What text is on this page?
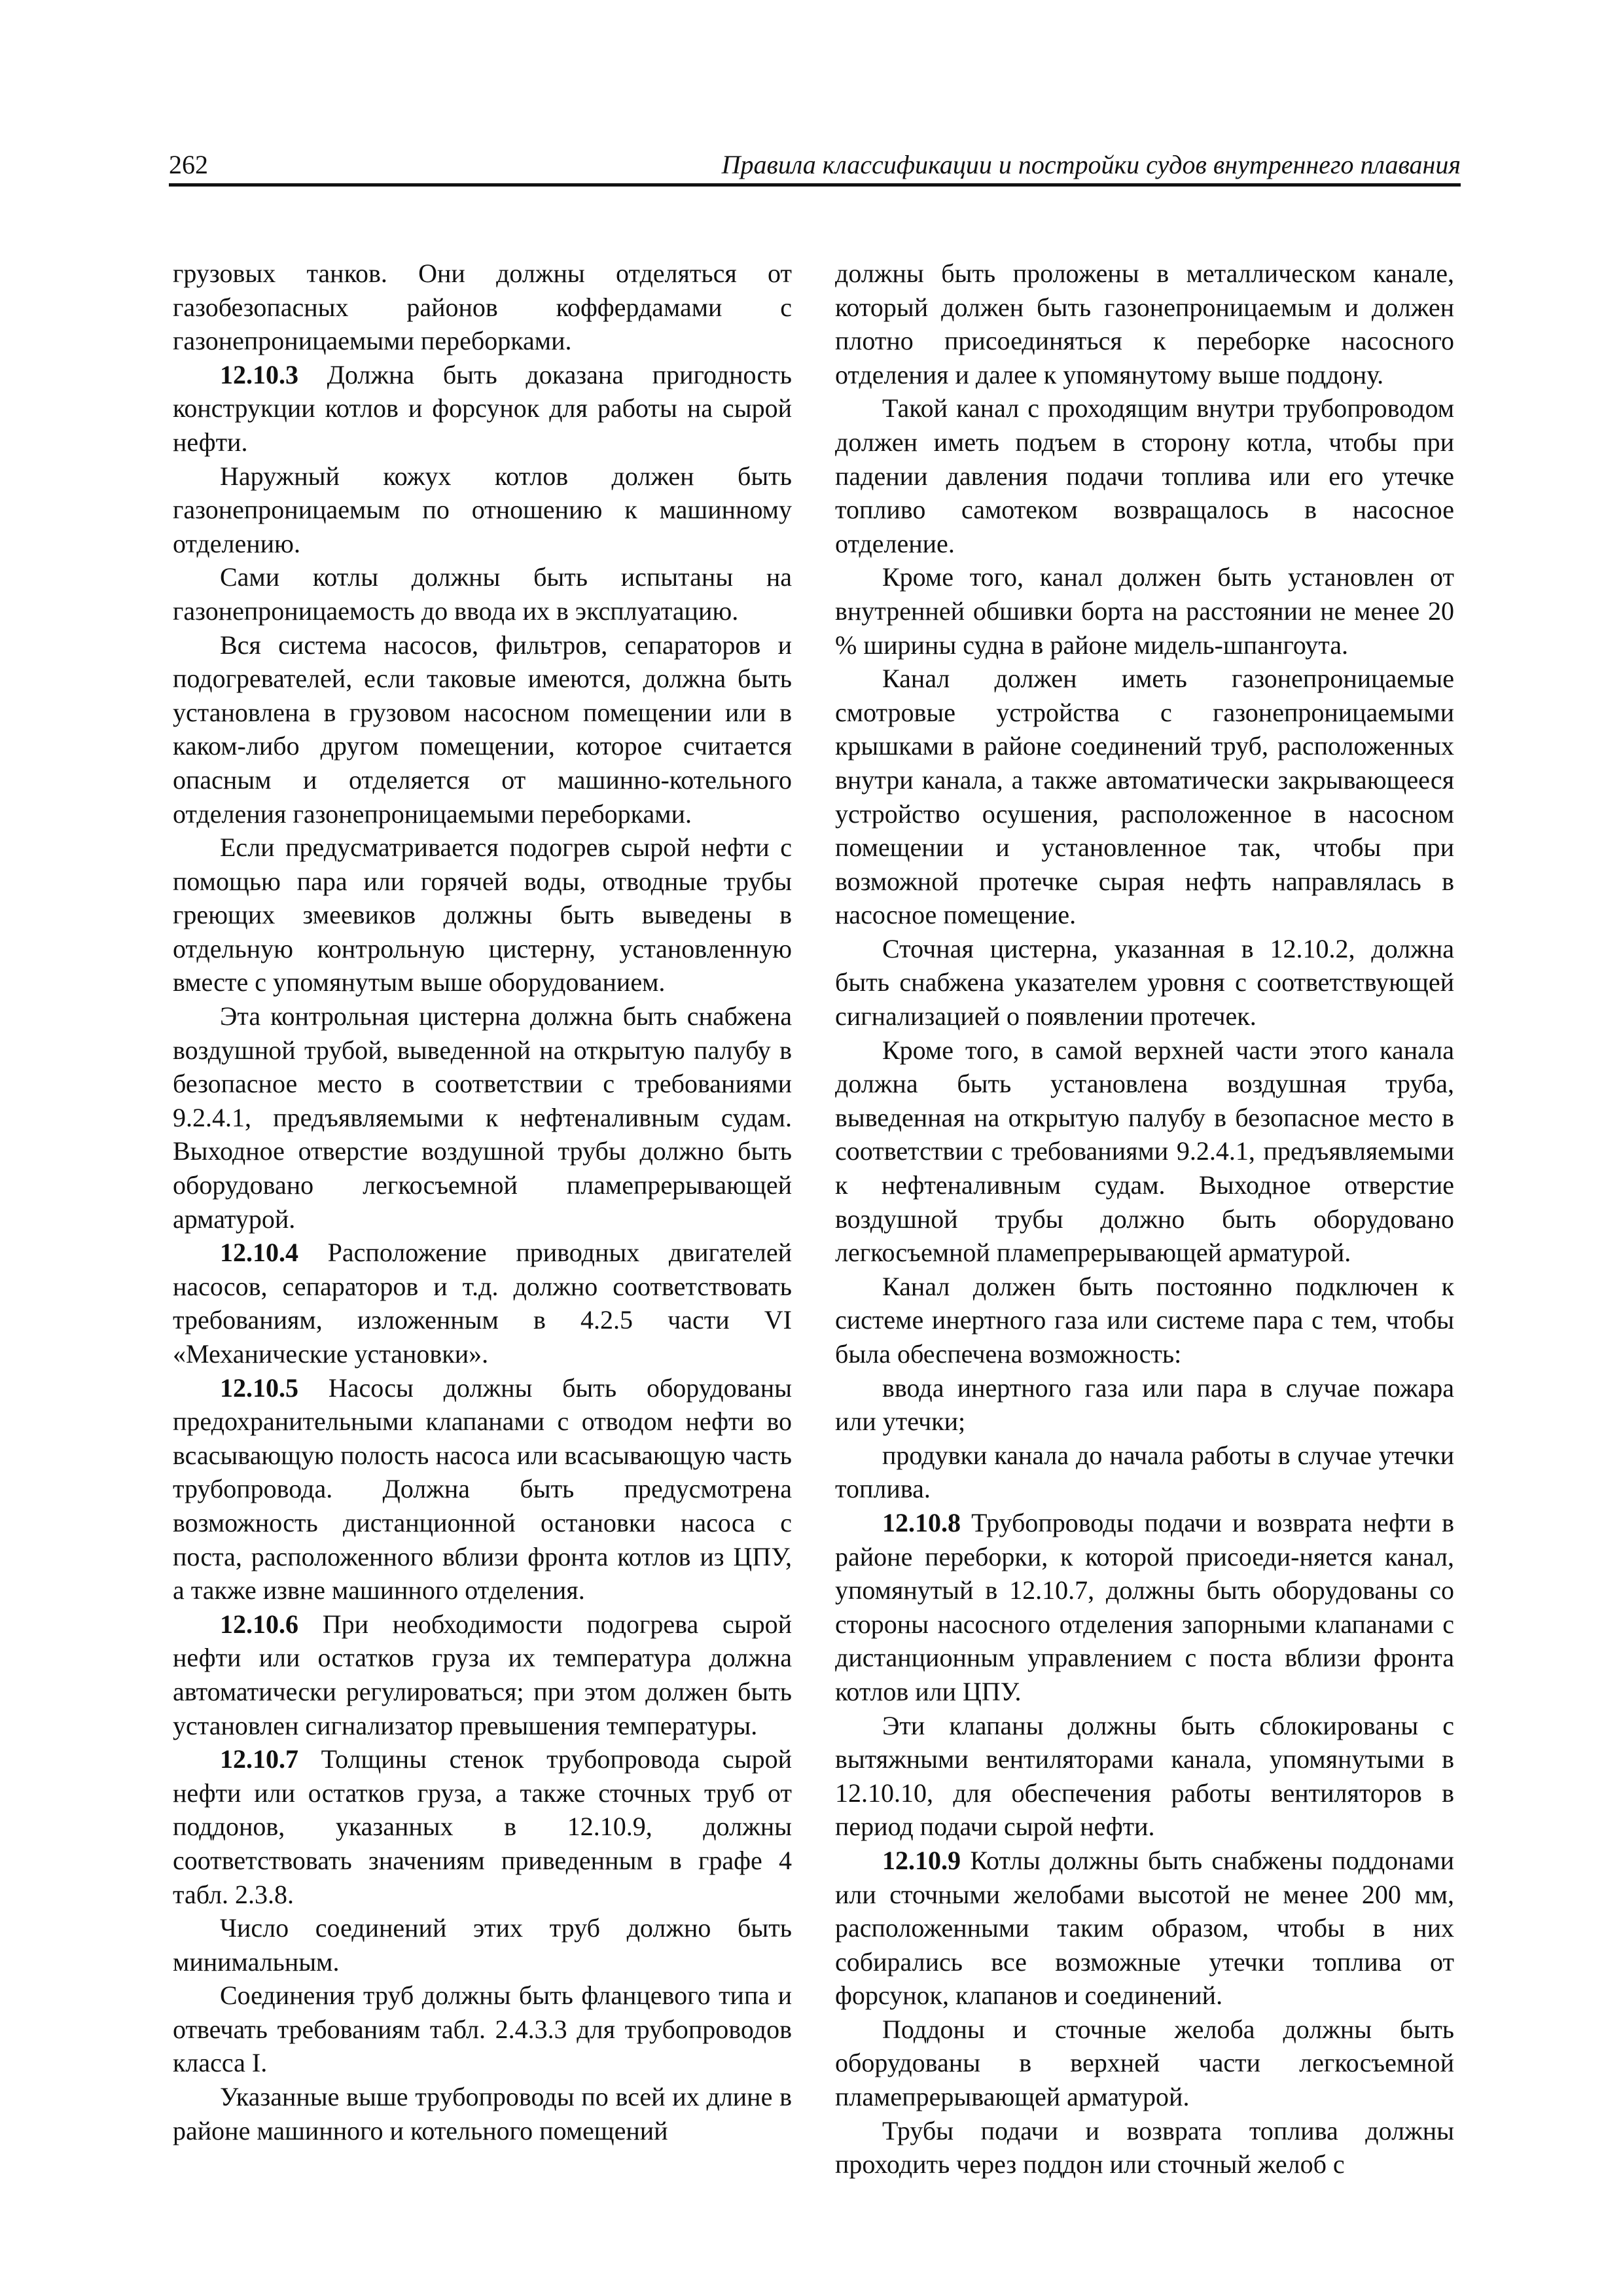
262	Правила классификации и постройки судов внутреннего плавания

грузовых танков. Они должны отделяться от газобезопасных районов коффердамами с газонепроницаемыми переборками.

12.10.3 Должна быть доказана пригодность конструкции котлов и форсунок для работы на сырой нефти.

Наружный кожух котлов должен быть газонепроницаемым по отношению к машинному отделению.

Сами котлы должны быть испытаны на газонепроницаемость до ввода их в эксплуатацию.

Вся система насосов, фильтров, сепараторов и подогревателей, если таковые имеются, должна быть установлена в грузовом насосном помещении или в каком-либо другом помещении, которое считается опасным и отделяется от машинно-котельного отделения газонепроницаемыми переборками.

Если предусматривается подогрев сырой нефти с помощью пара или горячей воды, отводные трубы греющих змеевиков должны быть выведены в отдельную контрольную цистерну, установленную вместе с упомянутым выше оборудованием.

Эта контрольная цистерна должна быть снабжена воздушной трубой, выведенной на открытую палубу в безопасное место в соответствии с требованиями 9.2.4.1, предъявляемыми к нефтеналивным судам. Выходное отверстие воздушной трубы должно быть оборудовано легкосъемной пламепрерывающей арматурой.

12.10.4 Расположение приводных двигателей насосов, сепараторов и т.д. должно соответствовать требованиям, изложенным в 4.2.5 части VI «Механические установки».

12.10.5 Насосы должны быть оборудованы предохранительными клапанами с отводом нефти во всасывающую полость насоса или всасывающую часть трубопровода. Должна быть предусмотрена возможность дистанционной остановки насоса с поста, расположенного вблизи фронта котлов из ЦПУ, а также извне машинного отделения.

12.10.6 При необходимости подогрева сырой нефти или остатков груза их температура должна автоматически регулироваться; при этом должен быть установлен сигнализатор превышения температуры.

12.10.7 Толщины стенок трубопровода сырой нефти или остатков груза, а также сточных труб от поддонов, указанных в 12.10.9, должны соответствовать значениям приведенным в графе 4 табл. 2.3.8.

Число соединений этих труб должно быть минимальным.

Соединения труб должны быть фланцевого типа и отвечать требованиям табл. 2.4.3.3 для трубопроводов класса I.

Указанные выше трубопроводы по всей их длине в районе машинного и котельного помещений

должны быть проложены в металлическом канале, который должен быть газонепроницаемым и должен плотно присоединяться к переборке насосного отделения и далее к упомянутому выше поддону.

Такой канал с проходящим внутри трубопроводом должен иметь подъем в сторону котла, чтобы при падении давления подачи топлива или его утечке топливо самотеком возвращалось в насосное отделение.

Кроме того, канал должен быть установлен от внутренней обшивки борта на расстоянии не менее 20 % ширины судна в районе мидель-шпангоута.

Канал должен иметь газонепроницаемые смотровые устройства с газонепроницаемыми крышками в районе соединений труб, расположенных внутри канала, а также автоматически закрывающееся устройство осушения, расположенное в насосном помещении и установленное так, чтобы при возможной протечке сырая нефть направлялась в насосное помещение.

Сточная цистерна, указанная в 12.10.2, должна быть снабжена указателем уровня с соответствующей сигнализацией о появлении протечек.

Кроме того, в самой верхней части этого канала должна быть установлена воздушная труба, выведенная на открытую палубу в безопасное место в соответствии с требованиями 9.2.4.1, предъявляемыми к нефтеналивным судам. Выходное отверстие воздушной трубы должно быть оборудовано легкосъемной пламепрерывающей арматурой.

Канал должен быть постоянно подключен к системе инертного газа или системе пара с тем, чтобы была обеспечена возможность:

ввода инертного газа или пара в случае пожара или утечки;

продувки канала до начала работы в случае утечки топлива.

12.10.8 Трубопроводы подачи и возврата нефти в районе переборки, к которой присоеди-няется канал, упомянутый в 12.10.7, должны быть оборудованы со стороны насосного отделения запорными клапанами с дистанционным управлением с поста вблизи фронта котлов или ЦПУ.

Эти клапаны должны быть сблокированы с вытяжными вентиляторами канала, упомянутыми в 12.10.10, для обеспечения работы вентиляторов в период подачи сырой нефти.

12.10.9 Котлы должны быть снабжены поддонами или сточными желобами высотой не менее 200 мм, расположенными таким образом, чтобы в них собирались все возможные утечки топлива от форсунок, клапанов и соединений.

Поддоны и сточные желоба должны быть оборудованы в верхней части легкосъемной пламепрерывающей арматурой.

Трубы подачи и возврата топлива должны проходить через поддон или сточный желоб с
